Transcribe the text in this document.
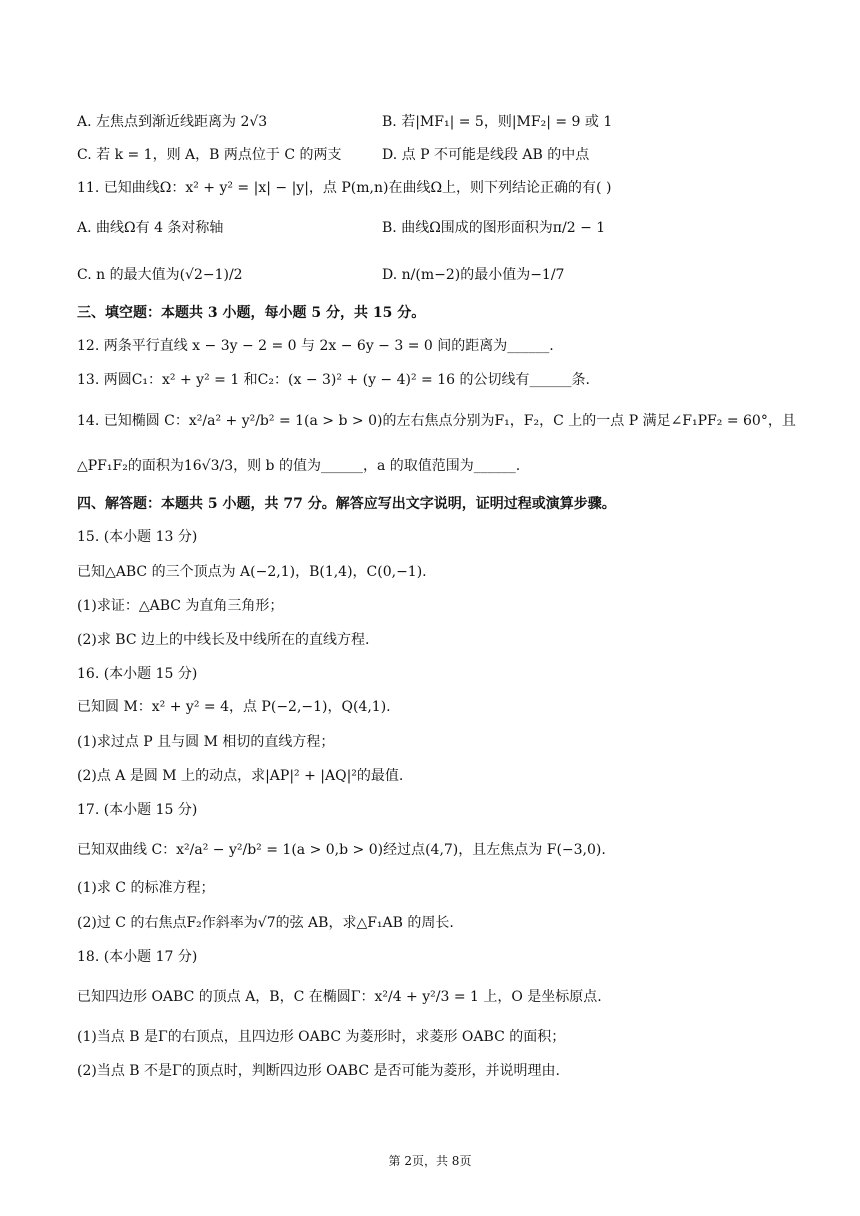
A. 左焦点到渐近线距离为 2√3	B. 若|MF₁| = 5，则|MF₂| = 9 或 1
C. 若 k = 1，则 A，B 两点位于 C 的两支	D. 点 P 不可能是线段 AB 的中点
11. 已知曲线Ω：x² + y² = |x| − |y|，点 P(m,n)在曲线Ω上，则下列结论正确的有( )
A. 曲线Ω有 4 条对称轴	B. 曲线Ω围成的图形面积为π/2 − 1
C. n 的最大值为(√2−1)/2	D. n/(m−2)的最小值为−1/7
三、填空题：本题共 3 小题，每小题 5 分，共 15 分。
12. 两条平行直线 x − 3y − 2 = 0 与 2x − 6y − 3 = 0 间的距离为______.
13. 两圆C₁：x² + y² = 1 和C₂：(x − 3)² + (y − 4)² = 16 的公切线有______条.
14. 已知椭圆 C：x²/a² + y²/b² = 1(a > b > 0)的左右焦点分别为F₁，F₂，C 上的一点 P 满足∠F₁PF₂ = 60°，且
△PF₁F₂的面积为16√3/3，则 b 的值为______，a 的取值范围为______.
四、解答题：本题共 5 小题，共 77 分。解答应写出文字说明，证明过程或演算步骤。
15. (本小题 13 分)
已知△ABC 的三个顶点为 A(−2,1)，B(1,4)，C(0,−1).
(1)求证：△ABC 为直角三角形；
(2)求 BC 边上的中线长及中线所在的直线方程.
16. (本小题 15 分)
已知圆 M：x² + y² = 4，点 P(−2,−1)，Q(4,1).
(1)求过点 P 且与圆 M 相切的直线方程；
(2)点 A 是圆 M 上的动点，求|AP|² + |AQ|²的最值.
17. (本小题 15 分)
已知双曲线 C：x²/a² − y²/b² = 1(a > 0,b > 0)经过点(4,7)，且左焦点为 F(−3,0).
(1)求 C 的标准方程；
(2)过 C 的右焦点F₂作斜率为√7的弦 AB，求△F₁AB 的周长.
18. (本小题 17 分)
已知四边形 OABC 的顶点 A，B，C 在椭圆Γ：x²/4 + y²/3 = 1 上，O 是坐标原点.
(1)当点 B 是Γ的右顶点，且四边形 OABC 为菱形时，求菱形 OABC 的面积；
(2)当点 B 不是Γ的顶点时，判断四边形 OABC 是否可能为菱形，并说明理由.
第 2页，共 8页
